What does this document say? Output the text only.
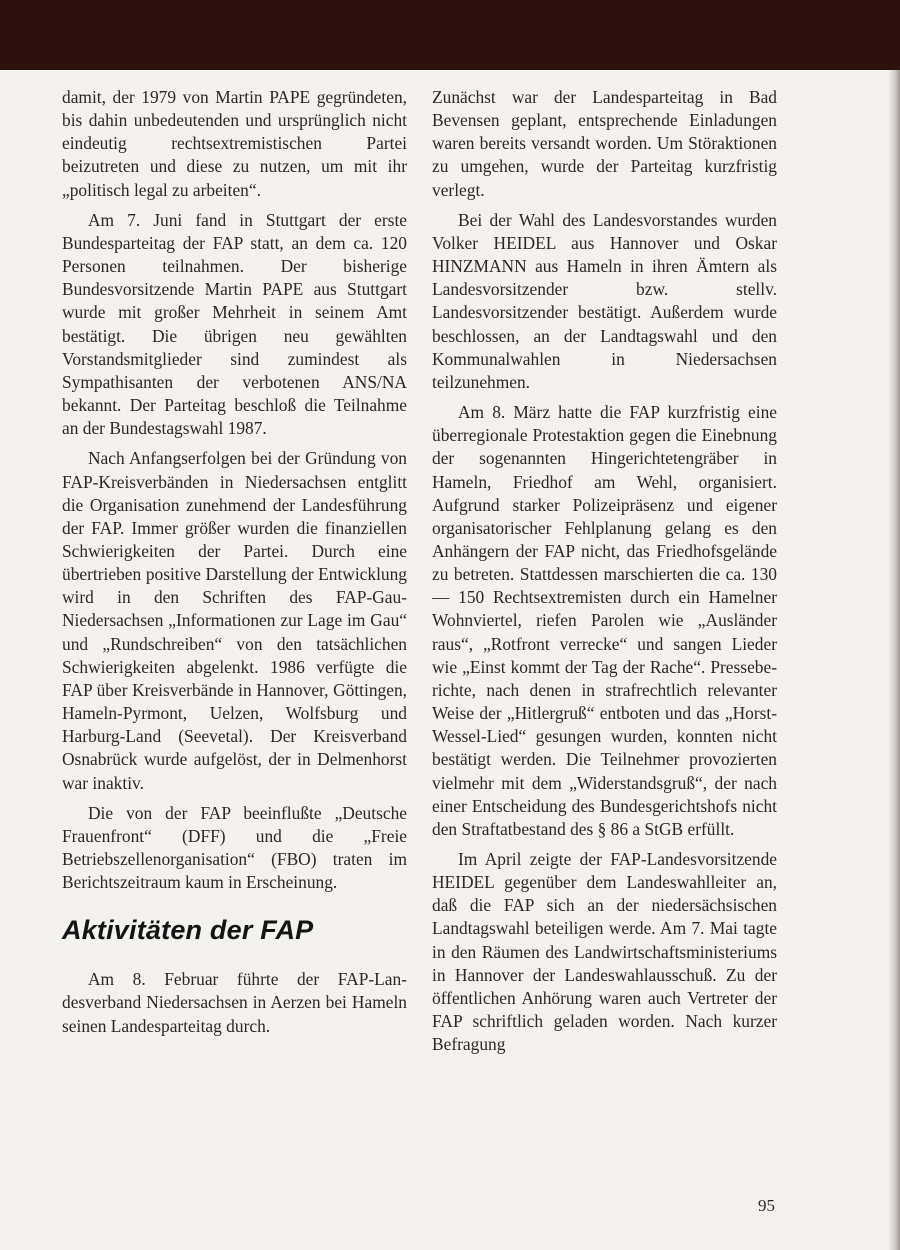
damit, der 1979 von Martin PAPE gegründeten, bis dahin unbedeutenden und ursprünglich nicht eindeutig rechtsextremistischen Partei beizutreten und diese zu nutzen, um mit ihr „politisch legal zu arbeiten“.

Am 7. Juni fand in Stuttgart der erste Bundesparteitag der FAP statt, an dem ca. 120 Personen teilnahmen. Der bisherige Bundesvorsitzende Martin PAPE aus Stuttgart wurde mit großer Mehrheit in seinem Amt bestätigt. Die übrigen neu gewählten Vorstandsmitglieder sind zumindest als Sympathisanten der verbotenen ANS/NA bekannt. Der Parteitag beschloß die Teilnahme an der Bundestagswahl 1987.

Nach Anfangserfolgen bei der Gründung von FAP-Kreisverbänden in Niedersachsen entglitt die Organisation zunehmend der Landesführung der FAP. Immer größer wurden die finanziellen Schwierigkeiten der Partei. Durch eine übertrieben positive Darstellung der Entwicklung wird in den Schriften des FAP-Gau-Niedersachsen „Informationen zur Lage im Gau“ und „Rundschreiben“ von den tatsächlichen Schwierigkeiten abgelenkt. 1986 verfügte die FAP über Kreisverbände in Hannover, Göttingen, Hameln-Pyrmont, Uelzen, Wolfsburg und Harburg-Land (Seevetal). Der Kreisverband Osnabrück wurde aufgelöst, der in Delmenhorst war inaktiv.

Die von der FAP beeinflußte „Deutsche Frauenfront“ (DFF) und die „Freie Betriebszellenorganisation“ (FBO) traten im Berichtszeitraum kaum in Erscheinung.

Aktivitäten der FAP

Am 8. Februar führte der FAP-Landesverband Niedersachsen in Aerzen bei Hameln seinen Landesparteitag durch.

Zunächst war der Landesparteitag in Bad Bevensen geplant, entsprechende Einladungen waren bereits versandt worden. Um Störaktionen zu umgehen, wurde der Parteitag kurzfristig verlegt.

Bei der Wahl des Landesvorstandes wurden Volker HEIDEL aus Hannover und Oskar HINZMANN aus Hameln in ihren Ämtern als Landesvorsitzender bzw. stellv. Landesvorsitzender bestätigt. Außerdem wurde beschlossen, an der Landtagswahl und den Kommunalwahlen in Niedersachsen teilzunehmen.

Am 8. März hatte die FAP kurzfristig eine überregionale Protestaktion gegen die Einebnung der sogenannten Hingerichtetengräber in Hameln, Friedhof am Wehl, organisiert. Aufgrund starker Polizeipräsenz und eigener organisatorischer Fehlplanung gelang es den Anhängern der FAP nicht, das Friedhofsgelände zu betreten. Stattdessen marschierten die ca. 130 — 150 Rechtsextremisten durch ein Hamelner Wohnviertel, riefen Parolen wie „Ausländer raus“, „Rotfront verrecke“ und sangen Lieder wie „Einst kommt der Tag der Rache“. Presseberichte, nach denen in strafrechtlich relevanter Weise der „Hitlergruß“ entboten und das „Horst-Wessel-Lied“ gesungen wurden, konnten nicht bestätigt werden. Die Teilnehmer provozierten vielmehr mit dem „Widerstandsgruß“, der nach einer Entscheidung des Bundesgerichtshofs nicht den Straftatbestand des § 86 a StGB erfüllt.

Im April zeigte der FAP-Landesvorsitzende HEIDEL gegenüber dem Landeswahlleiter an, daß die FAP sich an der niedersächsischen Landtagswahl beteiligen werde. Am 7. Mai tagte in den Räumen des Landwirtschaftsministeriums in Hannover der Landeswahlausschuß. Zu der öffentlichen Anhörung waren auch Vertreter der FAP schriftlich geladen worden. Nach kurzer Befragung

95
